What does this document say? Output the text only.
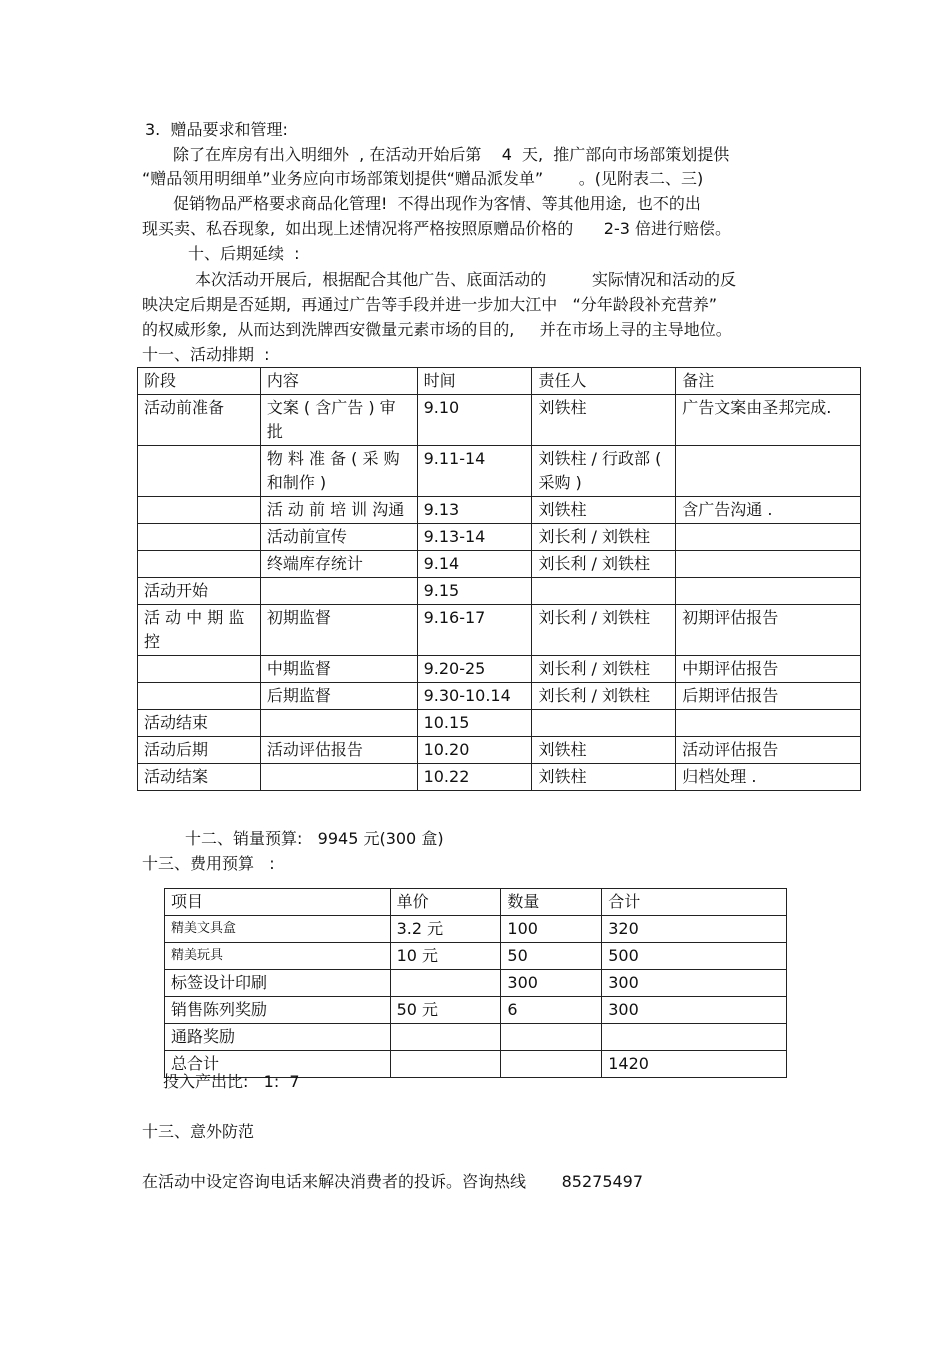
3.  赠品要求和管理:
除了在库房有出入明细外  , 在活动开始后第    4  天,  推广部向市场部策划提供
“赠品领用明细单”业务应向市场部策划提供“赠品派发单”       。(见附表二、三)
促销物品严格要求商品化管理!  不得出现作为客情、等其他用途,  也不的出
现买卖、私吞现象,  如出现上述情况将严格按照原赠品价格的      2-3 倍进行赔偿。
十、后期延续  :
本次活动开展后,  根据配合其他广告、底面活动的         实际情况和活动的反
映决定后期是否延期,  再通过广告等手段并进一步加大江中   “分年龄段补充营养”
的权威形象,  从而达到洗牌西安微量元素市场的目的,     并在市场上寻的主导地位。
十一、活动排期  :
阶段	内容	时间	责任人	备注
活动前准备	文案 ( 含广告 ) 审批	9.10	刘铁柱	广告文案由圣邦完成.
	物 料 准 备 ( 采 购和制作 )	9.11-14	刘铁柱 / 行政部 ( 采购 )	
	活 动 前 培 训 沟通	9.13	刘铁柱	含广告沟通 .
	活动前宣传	9.13-14	刘长利 / 刘铁柱	
	终端库存统计	9.14	刘长利 / 刘铁柱	
活动开始		9.15		
活 动 中 期 监控	初期监督	9.16-17	刘长利 / 刘铁柱	初期评估报告
	中期监督	9.20-25	刘长利 / 刘铁柱	中期评估报告
	后期监督	9.30-10.14	刘长利 / 刘铁柱	后期评估报告
活动结束		10.15		
活动后期	活动评估报告	10.20	刘铁柱	活动评估报告
活动结案		10.22	刘铁柱	归档处理 .
十二、销量预算:   9945 元(300 盒)
十三、费用预算   :
项目	单价	数量	合计
精美文具盒	3.2 元	100	320
精美玩具	10 元	50	500
标签设计印刷		300	300
销售陈列奖励	50 元	6	300
通路奖励			
总合计			1420
投入产出比:   1:  7
十三、意外防范
在活动中设定咨询电话来解决消费者的投诉。咨询热线       85275497
